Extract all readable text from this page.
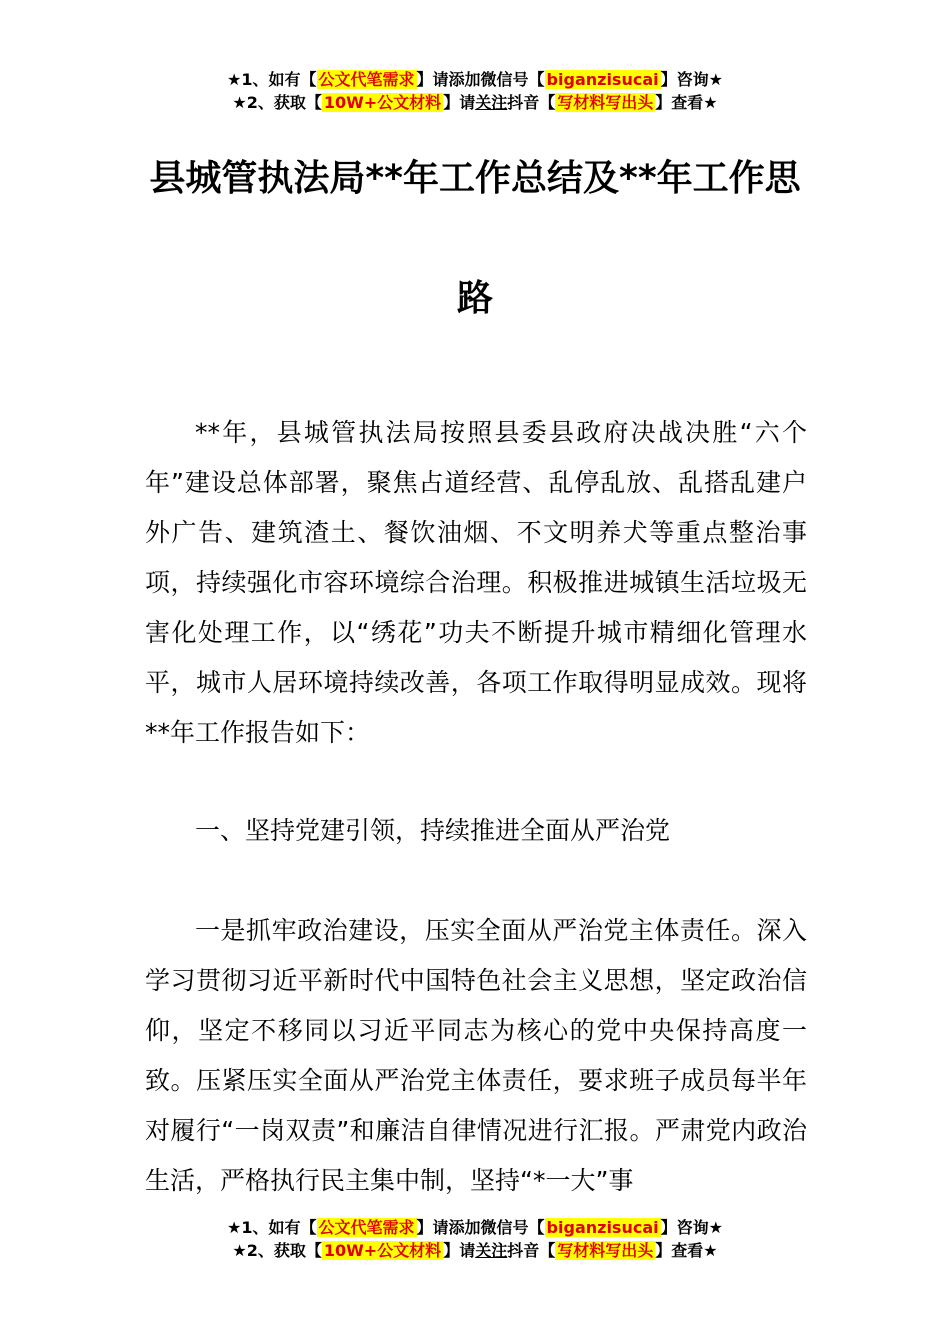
★1、如有【 公文代笔需求 】请添加微信号【 biganzisucai 】咨询★
★2、获取【 10W+公文材料 】请关注抖音【 写材料写出头 】查看★
县城管执法局**年工作总结及**年工作思
路

**年，县城管执法局按照县委县政府决战决胜“六个年”建设总体部署，聚焦占道经营、乱停乱放、乱搭乱建户外广告、建筑渣土、餐饮油烟、不文明养犬等重点整治事项，持续强化市容环境综合治理。积极推进城镇生活垃圾无害化处理工作，以“绣花”功夫不断提升城市精细化管理水平，城市人居环境持续改善，各项工作取得明显成效。现将**年工作报告如下：

一、坚持党建引领，持续推进全面从严治党

一是抓牢政治建设，压实全面从严治党主体责任。深入学习贯彻习近平新时代中国特色社会主义思想，坚定政治信仰，坚定不移同以习近平同志为核心的党中央保持高度一致。压紧压实全面从严治党主体责任，要求班子成员每半年对履行“一岗双责”和廉洁自律情况进行汇报。严肃党内政治生活，严格执行民主集中制，坚持“*一大”事

★1、如有【 公文代笔需求 】请添加微信号【 biganzisucai 】咨询★
★2、获取【 10W+公文材料 】请关注抖音【 写材料写出头 】查看★
